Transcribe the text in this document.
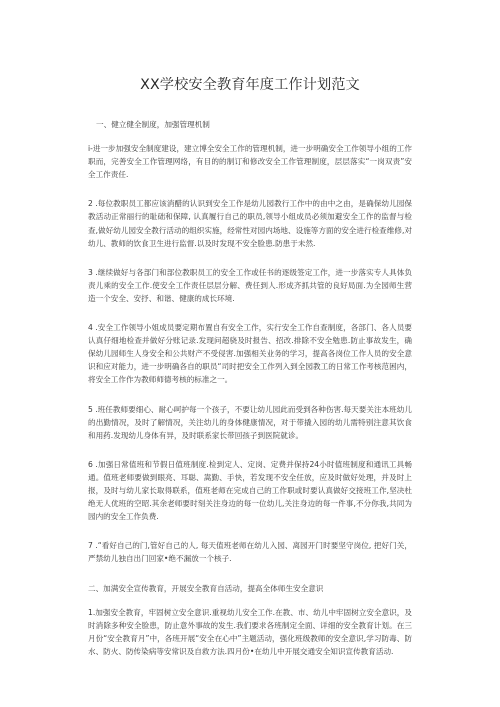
XX学校安全教育年度工作计划范文

一、健立健全制度，加强管理机制

i-进一步加强安全制度建设，建立博全安全工作的管理机制，进一步明确安全工作领导小组的工作职而，完善安全工作管理网络，有目的的制订和修改安全工作管理制度，层层落实“一岗双责”安全工作责任.

2 .每位教职员工都应该消醋的认识到安全工作是幼儿园教行工作中的由中之由，是确保幼儿园保教活动正常丽行的耻础和保障, 认真履行自己的职员,领导小组成员必须加避安全工作的监督与检查,做好幼儿园安全教行活动的组织实施，经常性对园内场地、设施等方面的安全进行检查维修,对幼儿、教师的饮食卫生进行监督.以及时发现不安全脸患.防患于未然.

3 .继续做好与各部门和部位教职员工的安全工作或任书的逐级签定工作，进一步落实专人具体负责儿乘的安全工作.使安全工作责任层层分解、费任到人.形成齐抓共管的良好局面.为全园师生营造一个安全、安抒、和谐、健康的成长环境.

4 .安全工作领导小姐成员要定期布置自有安全工作，实行安全工作自查制度，各部门、各人员要认真仔细地检查并做好分账记录.发现问超骁及时报告、招改.排除不安全勉患.防止事故发生，确保幼儿园师生人身安全和公共财产不受侵害.加强相关业务的学习，提高各岗位工作人员的安全意识和应对能力，进一步明确各自的职员“司时把安全工作列入到全园教工的日常工作考核范困内，将安全工作作为教师师德考核的标准之一。

5 .班任教师要细心、耐心呵护每一个孩子，不要让幼儿园此而受到各种伤害.每天要关注本班幼儿的出勤情况，及时了解情况，关注幼儿的身体健康情况，对于带撬入园的幼儿需特别注意其饮食和用药.发现幼儿身体有异，及时联系家长带回孩子到医院就诊。

6 .加强日常值班和节假日值班制度.检到定人、定岗、定费并保持24小时值班制度和通讯工具畅通。值班老师要做到眼亮、耳聪、嵩勤、手快，若发现不安全任放，应及时做好处理，并及时上报，及时与幼儿家长取得联系，值班老师在完成自己的工作职或时要认真做好交接班工作,坚决杜绝无人优班的空昭.其余老师要时刻关注身边的每一位幼儿,关注身边的每一件事,不分你我,共同为园内的安全工作负费.

7 .“看好自己的门,管好自己的人, 每天值班老师在幼儿入园、离园开门时要坚守岗位, 把好门关，严禁幼儿独自出门回家•绝不漏放一个核子.

二、加满安全宣传教育，开展安全教育自活动，提高全体师生安全意识

1.加强安全教育，牢固树立安全意识.重视幼儿安全工作.在教、市、幼儿中牢固树立安全意识，及时消除多种安全脸患，防止意外事故的发生.我们要求各班制定全面、详细的安全教育计划。在三月份“安全教育月”中，各班开展“安全在心中”主题活动，强化班级教师的安全意识,学习防毒、防水、防火、防传染病等安常识及自救方法.四月份•在幼儿中开展交通安全知识宣传教育活动.
